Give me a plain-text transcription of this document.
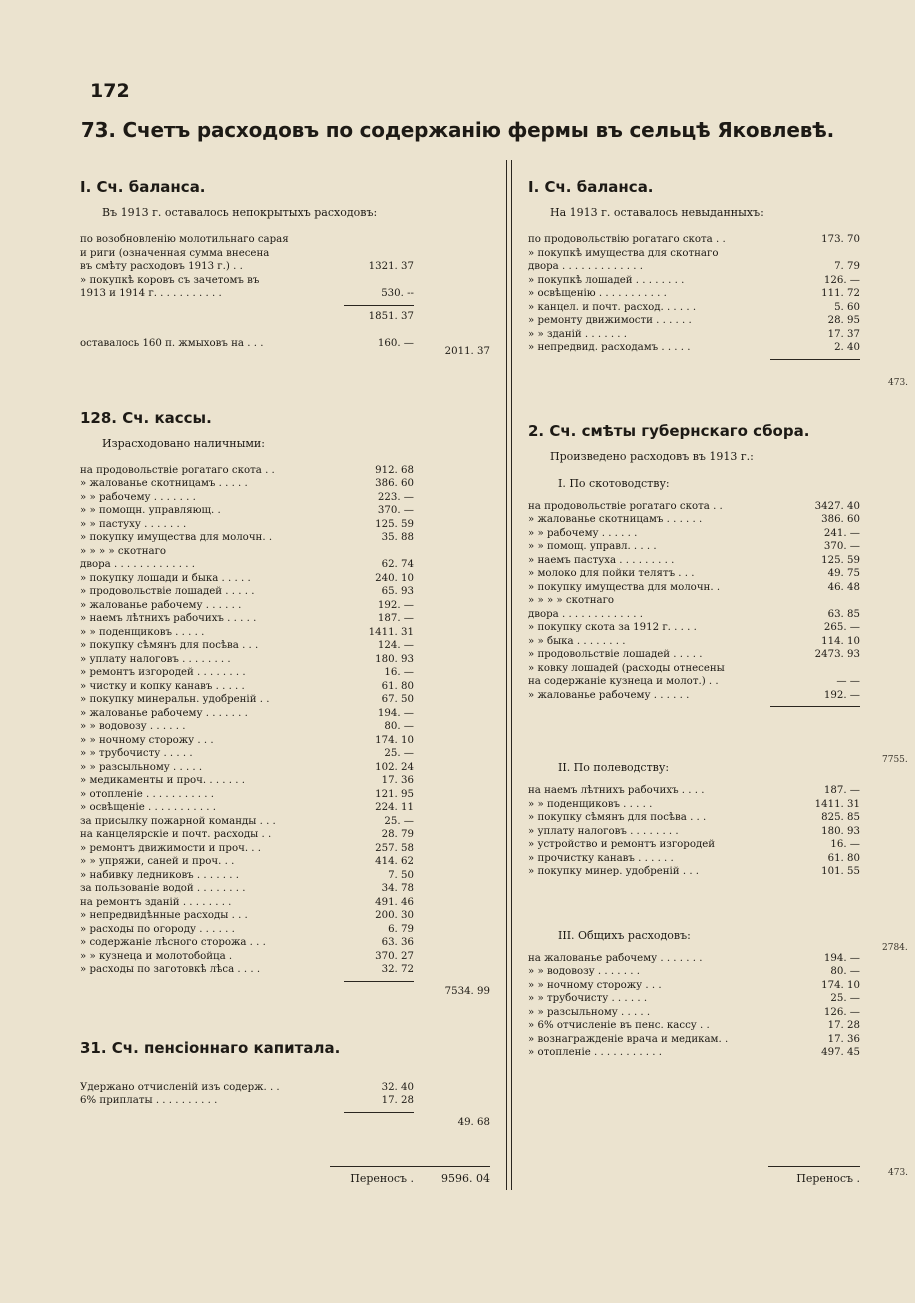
172
73. Счетъ расходовъ по содержанію фермы въ сельцѣ Яковлевѣ.
I. Сч. баланса.
Въ 1913 г. оставалось непокрытыхъ расходовъ:
по возобновленію молотильнаго сарая
и риги (означенная сумма внесена
въ смѣту расходовъ 1913 г.) . .	1321. 37
» покупкѣ коровъ съ зачетомъ въ
1913 и 1914 г. . . . . . . . . . .	530. --
1851. 37
оставалось 160 п. жмыховъ на . . .	160. —
2011. 37
128. Сч. кассы.
Израсходовано наличными:
на продовольствіе рогатаго скота . .	912. 68
» жалованье скотницамъ . . . . .	386. 60
» » рабочему . . . . . . .	223. —
» » помощн. управляющ. .	370. —
» » пастуху . . . . . . .	125. 59
» покупку имущества для молочн. .	35. 88
» » » » скотнаго
двора . . . . . . . . . . . . .	62. 74
» покупку лошади и быка . . . . .	240. 10
» продовольствіе лошадей . . . . .	65. 93
» жалованье рабочему . . . . . .	192. —
» наемъ лѣтнихъ рабочихъ . . . . .	187. —
» » поденщиковъ . . . . .	1411. 31
» покупку сѣмянъ для посѣва . . .	124. —
» уплату налоговъ . . . . . . . .	180. 93
» ремонтъ изгородей . . . . . . . .	16. —
» чистку и копку канавъ . . . . .	61. 80
» покупку минеральн. удобреній . .	67. 50
» жалованье рабочему . . . . . . .	194. —
» » водовозу . . . . . .	80. —
» » ночному сторожу . . .	174. 10
» » трубочисту . . . . .	25. —
» » разсыльному . . . . .	102. 24
» медикаменты и проч. . . . . . .	17. 36
» отопленіе . . . . . . . . . . .	121. 95
» освѣщеніе . . . . . . . . . . .	224. 11
за присылку пожарной команды . . .	25. —
на канцелярскіе и почт. расходы . .	28. 79
» ремонтъ движимости и проч. . .	257. 58
» » упряжи, саней и проч. . .	414. 62
» набивку ледниковъ . . . . . . .	7. 50
за пользованіе водой . . . . . . . .	34. 78
на ремонтъ зданій . . . . . . . .	491. 46
» непредвидѣнные расходы . . .	200. 30
» расходы по огороду . . . . . .	6. 79
» содержаніе лѣсного сторожа . . .	63. 36
» » кузнеца и молотобойца .	370. 27
» расходы по заготовкѣ лѣса . . . .	32. 72
7534. 99
31. Сч. пенсіоннаго капитала.
Удержано отчисленій изъ содерж. . .	32. 40
6% приплаты . . . . . . . . . .	17. 28
49. 68
I. Сч. баланса.
На 1913 г. оставалось невыданныхъ:
по продовольствію рогатаго скота . .	173. 70
» покупкѣ имущества для скотнаго
двора . . . . . . . . . . . . .	7. 79
» покупкѣ лошадей . . . . . . . .	126. —
» освѣщенію . . . . . . . . . . .	111. 72
» канцел. и почт. расход. . . . . .	5. 60
» ремонту движимости . . . . . .	28. 95
» » зданій . . . . . . .	17. 37
» непредвид. расходамъ . . . . .	2. 40
2. Сч. смѣты губернскаго сбора.
Произведено расходовъ въ 1913 г.:
I. По скотоводству:
на продовольствіе рогатаго скота . .	3427. 40
» жалованье скотницамъ . . . . . .	386. 60
» » рабочему . . . . . .	241. —
» » помощ. управл. . . . .	370. —
» наемъ пастуха . . . . . . . . .	125. 59
» молоко для пойки телятъ . . .	49. 75
» покупку имущества для молочн. .	46. 48
» » » » скотнаго
двора . . . . . . . . . . . . .	63. 85
» покупку скота за 1912 г. . . . .	265. —
» » быка . . . . . . . .	114. 10
» продовольствіе лошадей . . . . .	2473. 93
» ковку лошадей (расходы отнесены
на содержаніе кузнеца и молот.) . .	— —
» жалованье рабочему . . . . . .	192. —
II. По полеводству:
на наемъ лѣтнихъ рабочихъ . . . .	187. —
» » поденщиковъ . . . . .	1411. 31
» покупку сѣмянъ для посѣва . . .	825. 85
» уплату налоговъ . . . . . . . .	180. 93
» устройство и ремонтъ изгородей	16. —
» прочистку канавъ . . . . . .	61. 80
» покупку минер. удобреній . . .	101. 55
III. Общихъ расходовъ:
на жалованье рабочему . . . . . . .	194. —
» » водовозу . . . . . . .	80. —
» » ночному сторожу . . .	174. 10
» » трубочисту . . . . . .	25. —
» » разсыльному . . . . .	126. —
» 6% отчисленіе въ пенс. кассу . .	17. 28
» вознагражденіе врача и медикам. .	17. 36
» отопленіе . . . . . . . . . . .	497. 45
Переносъ .	9596. 04	Переносъ .
473.
7755.
2784.
473.
